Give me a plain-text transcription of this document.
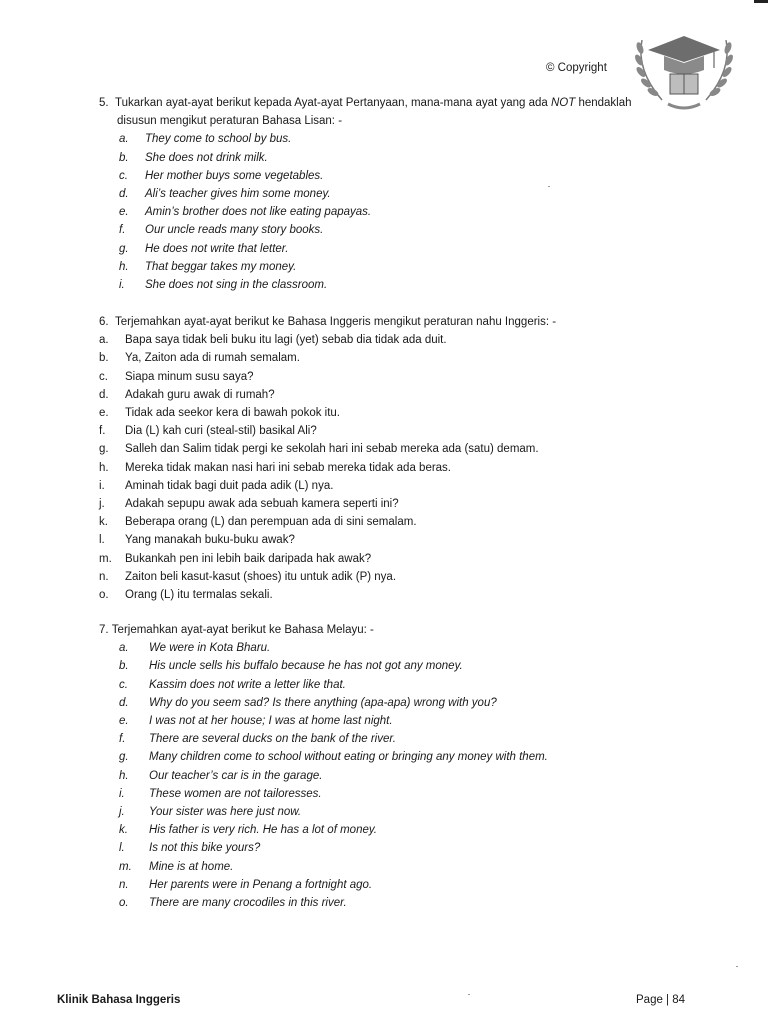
© Copyright
5. Tukarkan ayat-ayat berikut kepada Ayat-ayat Pertanyaan, mana-mana ayat yang ada NOT hendaklah
disusun mengikut peraturan Bahasa Lisan: -
a.	They come to school by bus.
b.	She does not drink milk.
c.	Her mother buys some vegetables.
d.	Ali’s teacher gives him some money.
e.	Amin’s brother does not like eating papayas.
f.	Our uncle reads many story books.
g.	He does not write that letter.
h.	That beggar takes my money.
i.	She does not sing in the classroom.
6. Terjemahkan ayat-ayat berikut ke Bahasa Inggeris mengikut peraturan nahu Inggeris: -
a.	Bapa saya tidak beli buku itu lagi (yet) sebab dia tidak ada duit.
b.	Ya, Zaiton ada di rumah semalam.
c.	Siapa minum susu saya?
d.	Adakah guru awak di rumah?
e.	Tidak ada seekor kera di bawah pokok itu.
f.	Dia (L) kah curi (steal-stil) basikal Ali?
g.	Salleh dan Salim tidak pergi ke sekolah hari ini sebab mereka ada (satu) demam.
h.	Mereka tidak makan nasi hari ini sebab mereka tidak ada beras.
i.	Aminah tidak bagi duit pada adik (L) nya.
j.	Adakah sepupu awak ada sebuah kamera seperti ini?
k.	Beberapa orang (L) dan perempuan ada di sini semalam.
l.	Yang manakah buku-buku awak?
m.	Bukankah pen ini lebih baik daripada hak awak?
n.	Zaiton beli kasut-kasut (shoes) itu untuk adik (P) nya.
o.	Orang (L) itu termalas sekali.
7. Terjemahkan ayat-ayat berikut ke Bahasa Melayu: -
a.	We were in Kota Bharu.
b.	His uncle sells his buffalo because he has not got any money.
c.	Kassim does not write a letter like that.
d.	Why do you seem sad? Is there anything (apa-apa) wrong with you?
e.	I was not at her house; I was at home last night.
f.	There are several ducks on the bank of the river.
g.	Many children come to school without eating or bringing any money with them.
h.	Our teacher’s car is in the garage.
i.	These women are not tailoresses.
j.	Your sister was here just now.
k.	His father is very rich. He has a lot of money.
l.	Is not this bike yours?
m.	Mine is at home.
n.	Her parents were in Penang a fortnight ago.
o.	There are many crocodiles in this river.
Klinik Bahasa Inggeris	Page | 84
